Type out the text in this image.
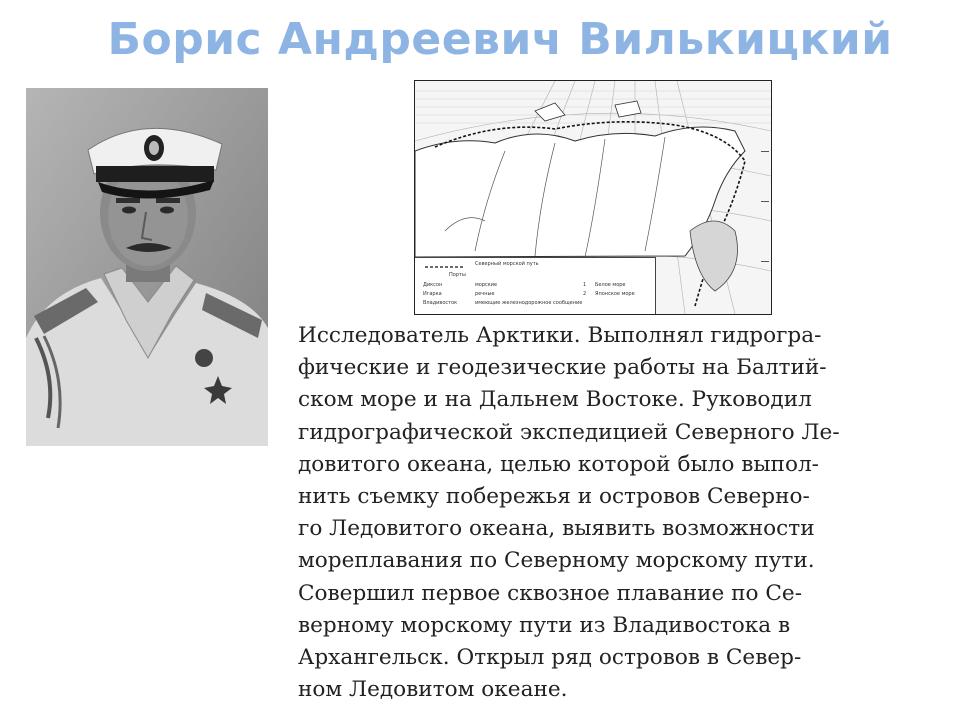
Борис Андреевич Вилькицкий
Северный морской путь
Порты
Диксон	морские	1 Белое море
Игарка	речные	2 Японское море
Владивосток	имеющие железнодорожное сообщение

Исследователь Арктики. Выполнял гидрогра-
фические и геодезические работы на Балтий-
ском море и на Дальнем Востоке. Руководил
гидрографической экспедицией Северного Ле-
довитого океана, целью которой было выпол-
нить съемку побережья и островов Северно-
го Ледовитого океана, выявить возможности
мореплавания по Северному морскому пути.
Совершил первое сквозное плавание по Се-
верному морскому пути из Владивостока в
Архангельск. Открыл ряд островов в Север-
ном Ледовитом океане.
